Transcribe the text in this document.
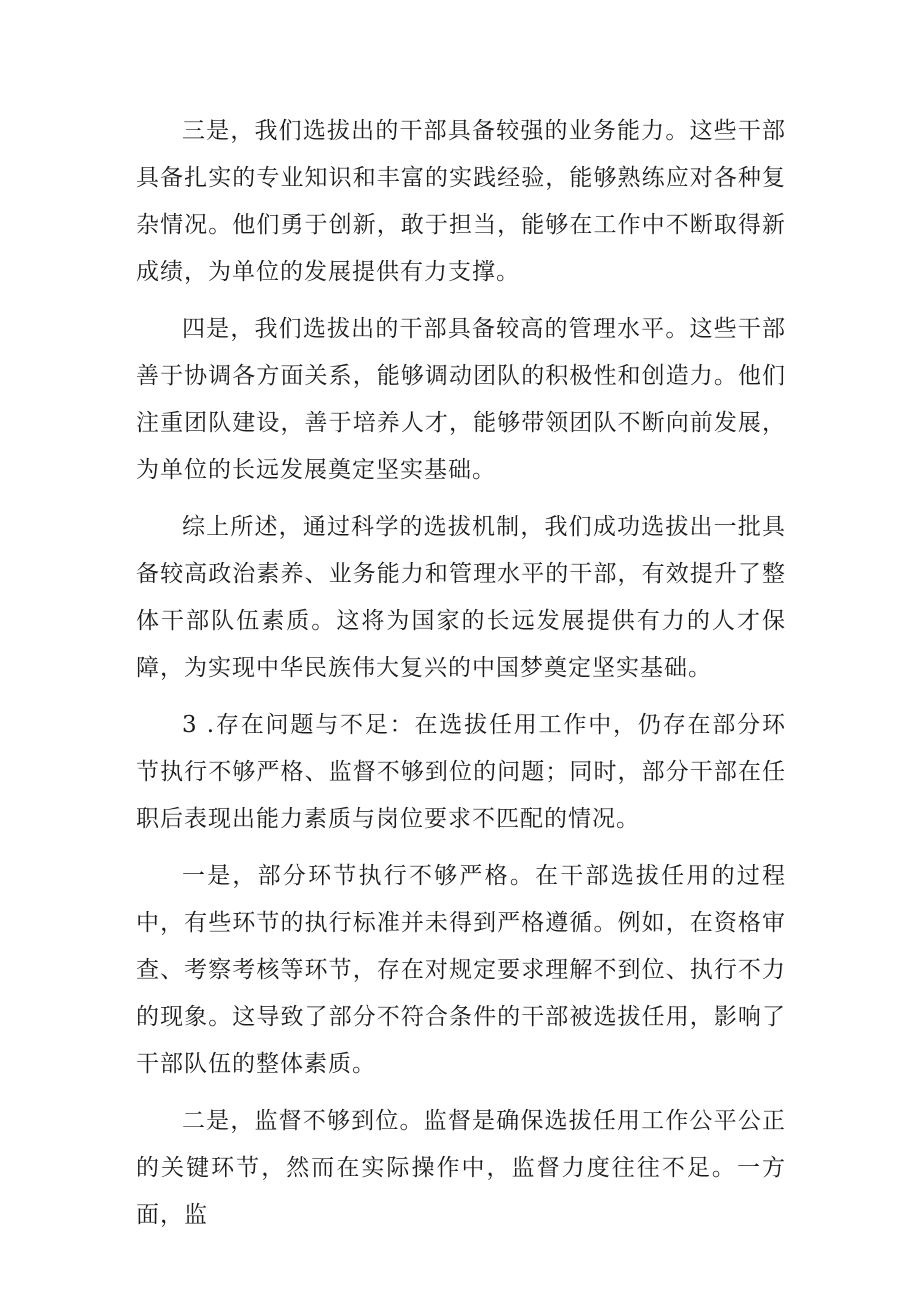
三是，我们选拔出的干部具备较强的业务能力。这些干部具备扎实的专业知识和丰富的实践经验，能够熟练应对各种复杂情况。他们勇于创新，敢于担当，能够在工作中不断取得新成绩，为单位的发展提供有力支撑。

四是，我们选拔出的干部具备较高的管理水平。这些干部善于协调各方面关系，能够调动团队的积极性和创造力。他们注重团队建设，善于培养人才，能够带领团队不断向前发展，为单位的长远发展奠定坚实基础。

综上所述，通过科学的选拔机制，我们成功选拔出一批具备较高政治素养、业务能力和管理水平的干部，有效提升了整体干部队伍素质。这将为国家的长远发展提供有力的人才保障，为实现中华民族伟大复兴的中国梦奠定坚实基础。

3 .存在问题与不足：在选拔任用工作中，仍存在部分环节执行不够严格、监督不够到位的问题；同时，部分干部在任职后表现出能力素质与岗位要求不匹配的情况。

一是，部分环节执行不够严格。在干部选拔任用的过程中，有些环节的执行标准并未得到严格遵循。例如，在资格审查、考察考核等环节，存在对规定要求理解不到位、执行不力的现象。这导致了部分不符合条件的干部被选拔任用，影响了干部队伍的整体素质。

二是，监督不够到位。监督是确保选拔任用工作公平公正的关键环节，然而在实际操作中，监督力度往往不足。一方面，监
